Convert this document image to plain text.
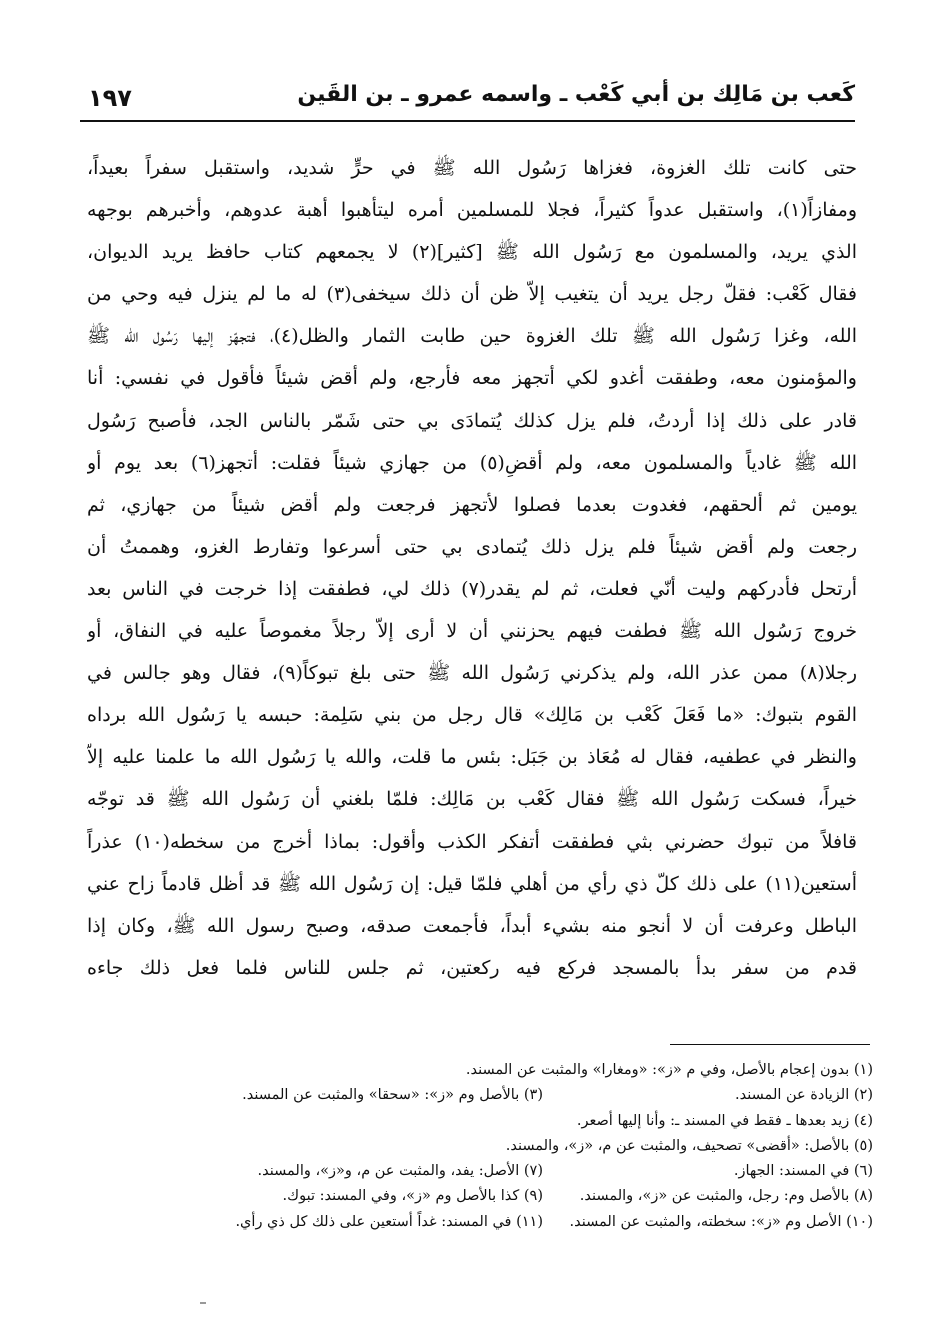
١٩٧	كَعب بن مَالِك بن أبي كَعْب ـ واسمه عمرو ـ بن القَين
حتى كانت تلك الغزوة، فغزاها رَسُول الله ﷺ في حرٍّ شديد، واستقبل سفراً بعيداً،
ومفازاً(١)، واستقبل عدواً كثيراً، فجلا للمسلمين أمره ليتأهبوا أهبة عدوهم، وأخبرهم بوجهه
الذي يريد، والمسلمون مع رَسُول الله ﷺ [كثير](٢) لا يجمعهم كتاب حافظ يريد الديوان،
فقال كَعْب: فقلّ رجل يريد أن يتغيب إلاّ ظن أن ذلك سيخفى(٣) له ما لم ينزل فيه وحي من
الله، وغزا رَسُول الله ﷺ تلك الغزوة حين طابت الثمار والظل(٤)، فتجهّز إليها رَسُول الله ﷺ
والمؤمنون معه، وطفقت أغدو لكي أتجهز معه فأرجع، ولم أقض شيئاً فأقول في نفسي: أنا
قادر على ذلك إذا أردتُ، فلم يزل كذلك يُتمادَى بي حتى شَمّر بالناس الجد، فأصبح رَسُول
الله ﷺ غادياً والمسلمون معه، ولم أقضِ(٥) من جهازي شيئاً فقلت: أتجهز(٦) بعد يوم أو
يومين ثم ألحقهم، فغدوت بعدما فصلوا لأتجهز فرجعت ولم أقض شيئاً من جهازي، ثم
رجعت ولم أقض شيئاً فلم يزل ذلك يُتمادى بي حتى أسرعوا وتفارط الغزو، وهممتُ أن
أرتحل فأدركهم وليت أنّي فعلت، ثم لم يقدر(٧) ذلك لي، فطفقت إذا خرجت في الناس بعد
خروج رَسُول الله ﷺ فطفت فيهم يحزنني أن لا أرى إلاّ رجلاً مغموصاً عليه في النفاق، أو
رجلا(٨) ممن عذر الله، ولم يذكرني رَسُول الله ﷺ حتى بلغ تبوكاً(٩)، فقال وهو جالس في
القوم بتبوك: «ما فَعَلَ كَعْب بن مَالِك» قال رجل من بني سَلِمة: حبسه يا رَسُول الله برداه
والنظر في عطفيه، فقال له مُعَاذ بن جَبَل: بئس ما قلت، والله يا رَسُول الله ما علمنا عليه إلاّ
خيراً، فسكت رَسُول الله ﷺ فقال كَعْب بن مَالِك: فلمّا بلغني أن رَسُول الله ﷺ قد توجّه
قافلاً من تبوك حضرني بثي فطفقت أتفكر الكذب وأقول: بماذا أخرج من سخطه(١٠) عذراً
أستعين(١١) على ذلك كلّ ذي رأي من أهلي فلمّا قيل: إن رَسُول الله ﷺ قد أظل قادماً زاح عني
الباطل وعرفت أن لا أنجو منه بشيء أبداً، فأجمعت صدقه، وصبح رسول الله ﷺ، وكان إذا
قدم من سفر بدأ بالمسجد فركع فيه ركعتين، ثم جلس للناس فلما فعل ذلك جاءه
(١) بدون إعجام بالأصل، وفي م «ز»: «ومغارا» والمثبت عن المسند.
(٢) الزيادة عن المسند.
(٣) بالأصل وم «ز»: «سحقا» والمثبت عن المسند.
(٤) زيد بعدها ـ فقط في المسند ـ: وأنا إليها أصعر.
(٥) بالأصل: «أقضى» تصحيف، والمثبت عن م، «ز»، والمسند.
(٦) في المسند: الجهاز.
(٧) الأصل: يفد، والمثبت عن م، و«ز»، والمسند.
(٨) بالأصل وم: رجل، والمثبت عن «ز»، والمسند.
(٩) كذا بالأصل وم «ز»، وفي المسند: تبوك.
(١٠) الأصل وم «ز»: سخطته، والمثبت عن المسند.
(١١) في المسند: غداً أستعين على ذلك كل ذي رأي.
